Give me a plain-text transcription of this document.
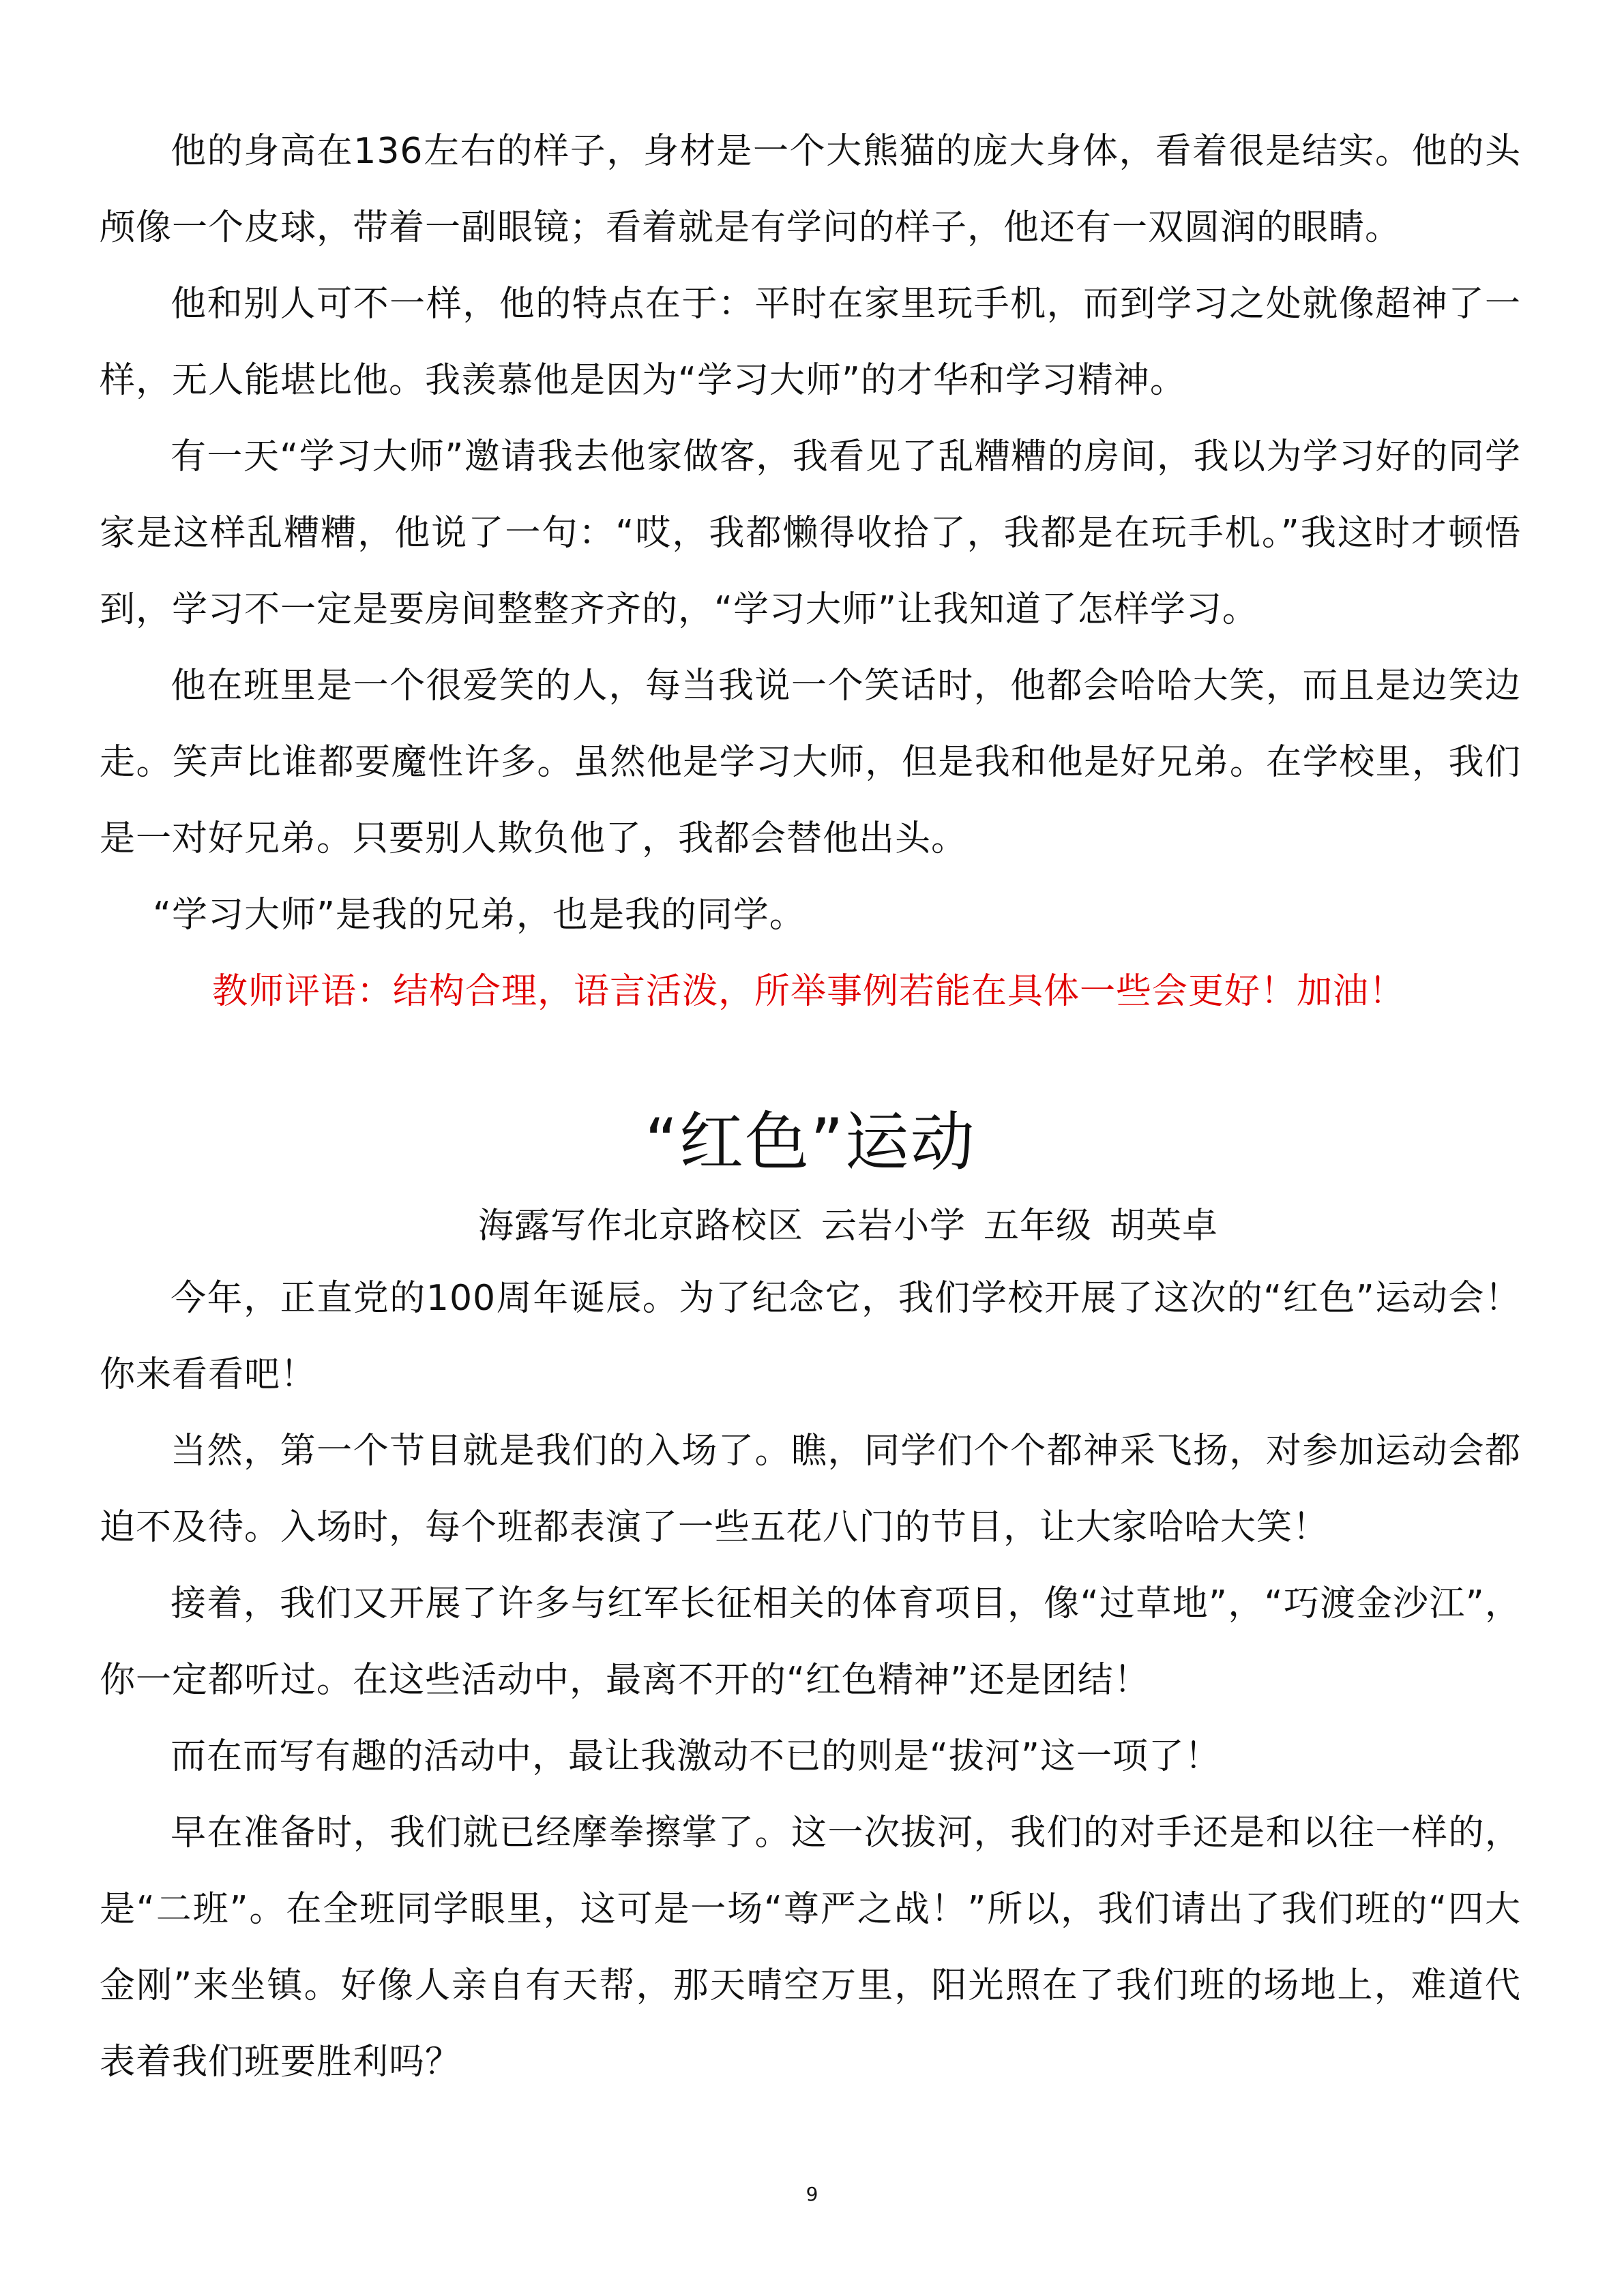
他的身高在136左右的样子，身材是一个大熊猫的庞大身体，看着很是结实。他的头颅像一个皮球，带着一副眼镜；看着就是有学问的样子，他还有一双圆润的眼睛。

他和别人可不一样，他的特点在于：平时在家里玩手机，而到学习之处就像超神了一样，无人能堪比他。我羡慕他是因为“学习大师”的才华和学习精神。

有一天“学习大师”邀请我去他家做客，我看见了乱糟糟的房间，我以为学习好的同学家是这样乱糟糟，他说了一句：“哎，我都懒得收拾了，我都是在玩手机。”我这时才顿悟到，学习不一定是要房间整整齐齐的，“学习大师”让我知道了怎样学习。

他在班里是一个很爱笑的人，每当我说一个笑话时，他都会哈哈大笑，而且是边笑边走。笑声比谁都要魔性许多。虽然他是学习大师，但是我和他是好兄弟。在学校里，我们是一对好兄弟。只要别人欺负他了，我都会替他出头。

“学习大师”是我的兄弟，也是我的同学。

教师评语：结构合理，语言活泼，所举事例若能在具体一些会更好！加油！

“红色”运动

海露写作北京路校区 云岩小学 五年级 胡英卓

今年，正直党的100周年诞辰。为了纪念它，我们学校开展了这次的“红色”运动会！你来看看吧！

当然，第一个节目就是我们的入场了。瞧，同学们个个都神采飞扬，对参加运动会都迫不及待。入场时，每个班都表演了一些五花八门的节目，让大家哈哈大笑！

接着，我们又开展了许多与红军长征相关的体育项目，像“过草地”，“巧渡金沙江”，你一定都听过。在这些活动中，最离不开的“红色精神”还是团结！

而在而写有趣的活动中，最让我激动不已的则是“拔河”这一项了！

早在准备时，我们就已经摩拳擦掌了。这一次拔河，我们的对手还是和以往一样的，是“二班”。在全班同学眼里，这可是一场“尊严之战！”所以，我们请出了我们班的“四大金刚”来坐镇。好像人亲自有天帮，那天晴空万里，阳光照在了我们班的场地上，难道代表着我们班要胜利吗？

9
